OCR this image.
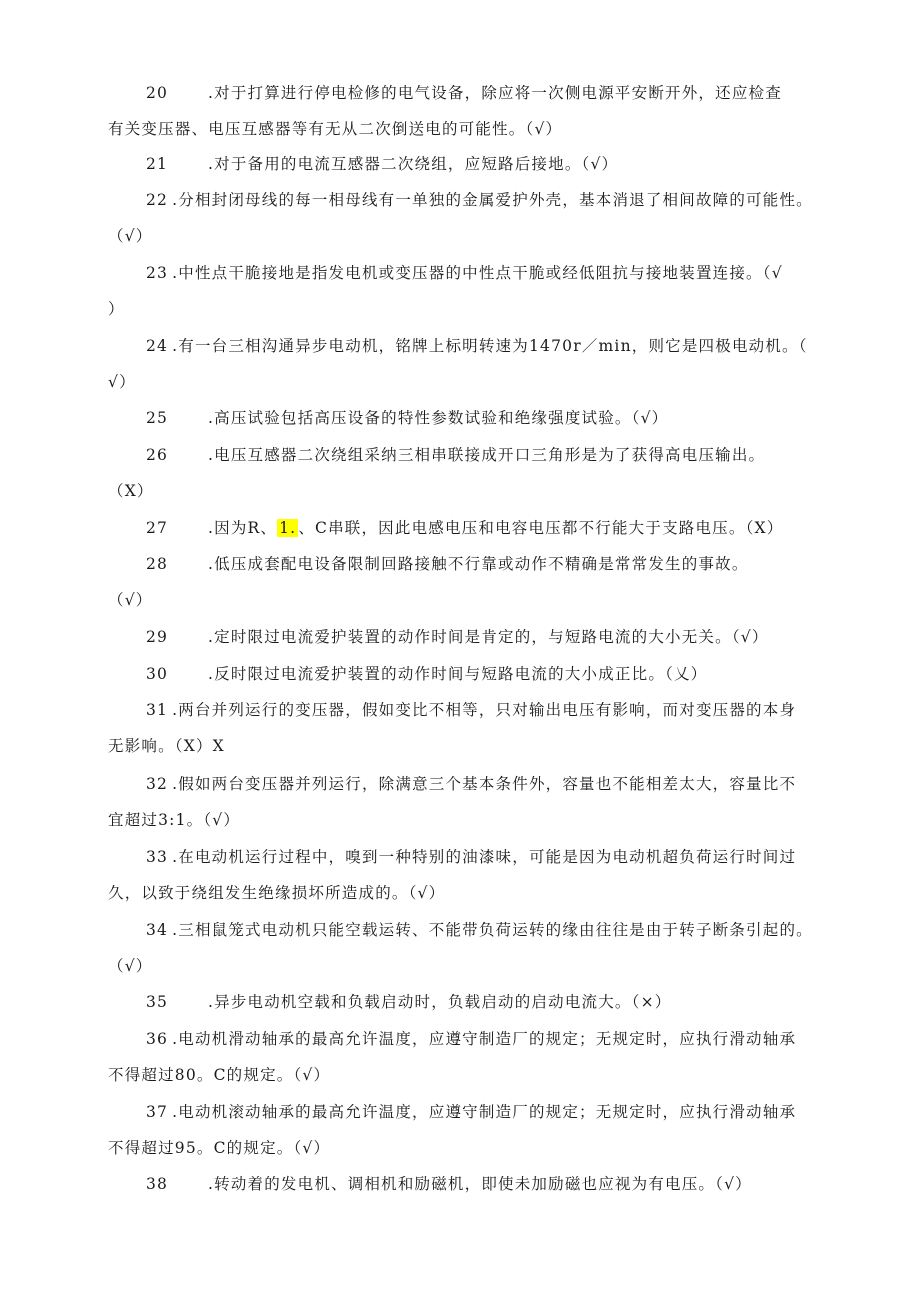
20	.对于打算进行停电检修的电气设备，除应将一次侧电源平安断开外，还应检查
有关变压器、电压互感器等有无从二次倒送电的可能性。（√）
21	.对于备用的电流互感器二次绕组，应短路后接地。（√）
22 .分相封闭母线的每一相母线有一单独的金属爱护外壳，基本消退了相间故障的可能性。
（√）
23 .中性点干脆接地是指发电机或变压器的中性点干脆或经低阻抗与接地装置连接。（√
）
24 .有一台三相沟通异步电动机，铭牌上标明转速为1470r／min，则它是四极电动机。（
√）
25	.高压试验包括高压设备的特性参数试验和绝缘强度试验。（√）
26	.电压互感器二次绕组采纳三相串联接成开口三角形是为了获得高电压输出。
（X）
27	.因为R、 1. 、C串联，因此电感电压和电容电压都不行能大于支路电压。（X）
28	.低压成套配电设备限制回路接触不行靠或动作不精确是常常发生的事故。
（√）
29	.定时限过电流爱护装置的动作时间是肯定的，与短路电流的大小无关。（√）
30	.反时限过电流爱护装置的动作时间与短路电流的大小成正比。（乂）
31 .两台并列运行的变压器，假如变比不相等，只对输出电压有影响，而对变压器的本身
无影响。（X）X
32 .假如两台变压器并列运行，除满意三个基本条件外，容量也不能相差太大，容量比不
宜超过3:1。（√）
33 .在电动机运行过程中，嗅到一种特别的油漆味，可能是因为电动机超负荷运行时间过
久，以致于绕组发生绝缘损坏所造成的。（√）
34 .三相鼠笼式电动机只能空载运转、不能带负荷运转的缘由往往是由于转子断条引起的。
（√）
35	.异步电动机空载和负载启动时，负载启动的启动电流大。（×）
36 .电动机滑动轴承的最高允许温度，应遵守制造厂的规定；无规定时，应执行滑动轴承
不得超过80。C的规定。（√）
37 .电动机滚动轴承的最高允许温度，应遵守制造厂的规定；无规定时，应执行滑动轴承
不得超过95。C的规定。（√）
38	.转动着的发电机、调相机和励磁机，即使未加励磁也应视为有电压。（√）
